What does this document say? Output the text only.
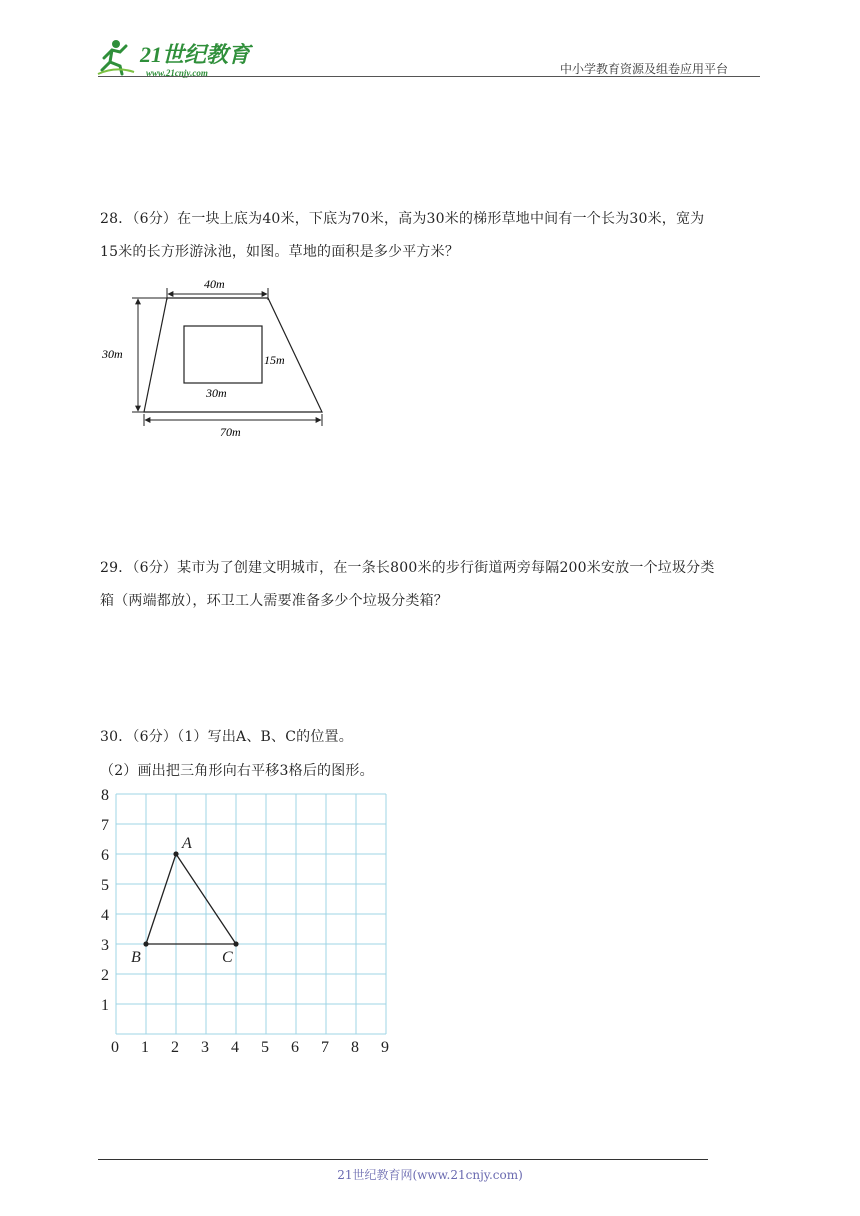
21世纪教育
www.21cnjy.com	中小学教育资源及组卷应用平台
28．（6分）在一块上底为40米，下底为70米，高为30米的梯形草地中间有一个长为30米，宽为
15米的长方形游泳池，如图。草地的面积是多少平方米？
40m
30m	15m
30m
70m
29．（6分）某市为了创建文明城市，在一条长800米的步行街道两旁每隔200米安放一个垃圾分类
箱（两端都放），环卫工人需要准备多少个垃圾分类箱？
30．（6分）（1）写出A、B、C的位置。
（2）画出把三角形向右平移3格后的图形。
0 1 2 3 4 5 6 7 8 9
1
2
3
4
5
6
7
8
A
B	C
21世纪教育网(www.21cnjy.com)
